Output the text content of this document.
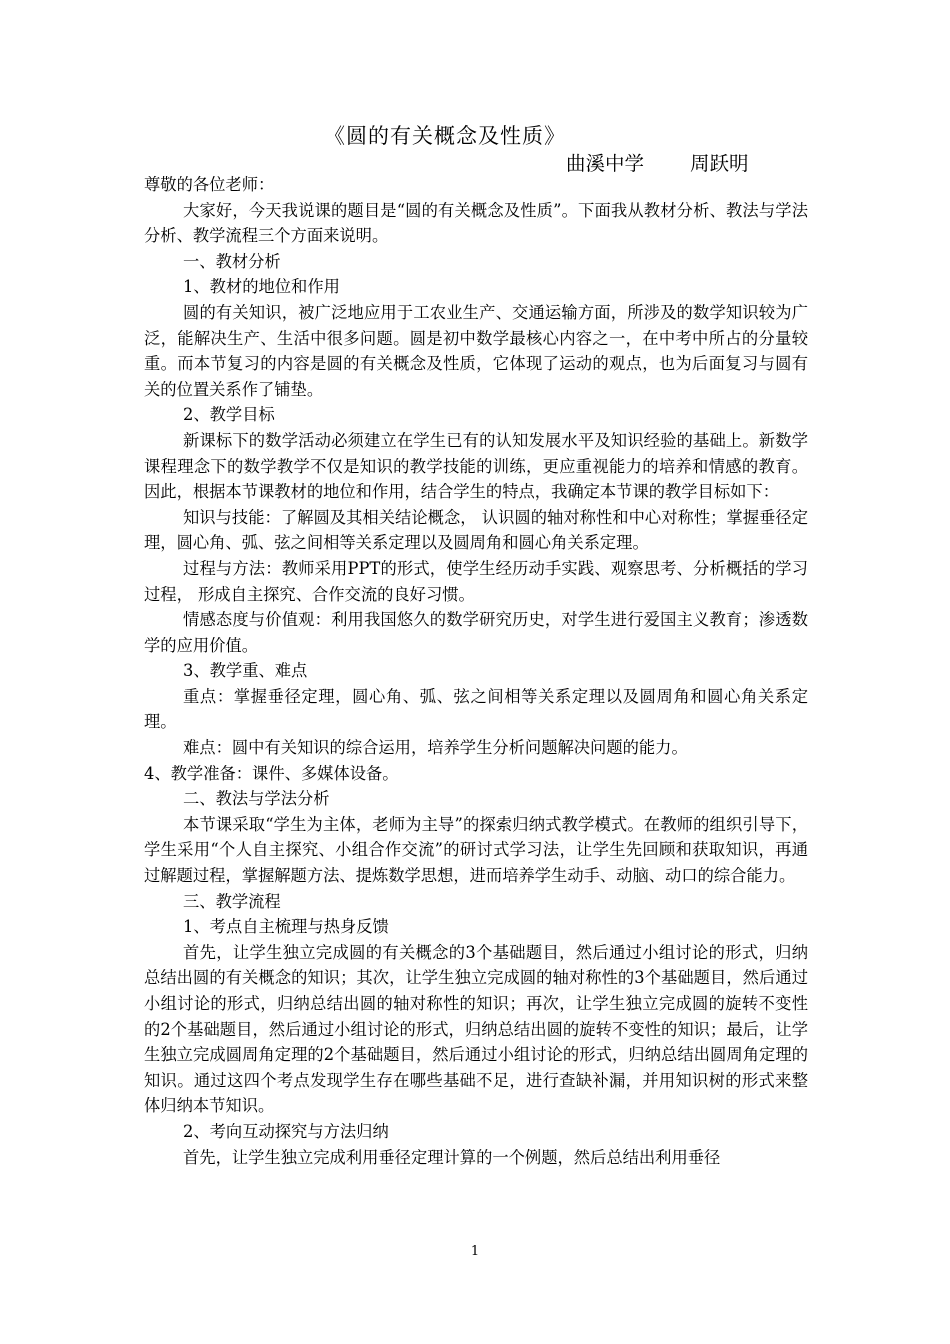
《圆的有关概念及性质》
曲溪中学 周跃明

尊敬的各位老师：

大家好，今天我说课的题目是“圆的有关概念及性质”。下面我从教材分析、教法与学法分析、教学流程三个方面来说明。

一、教材分析

1、教材的地位和作用

圆的有关知识，被广泛地应用于工农业生产、交通运输方面，所涉及的数学知识较为广泛，能解决生产、生活中很多问题。圆是初中数学最核心内容之一，在中考中所占的分量较重。而本节复习的内容是圆的有关概念及性质，它体现了运动的观点，也为后面复习与圆有关的位置关系作了铺垫。

2、教学目标

新课标下的数学活动必须建立在学生已有的认知发展水平及知识经验的基础上。新数学课程理念下的数学教学不仅是知识的教学技能的训练，更应重视能力的培养和情感的教育。因此，根据本节课教材的地位和作用，结合学生的特点，我确定本节课的教学目标如下：

知识与技能：了解圆及其相关结论概念， 认识圆的轴对称性和中心对称性；掌握垂径定理，圆心角、弧、弦之间相等关系定理以及圆周角和圆心角关系定理。

过程与方法：教师采用PPT的形式，使学生经历动手实践、观察思考、分析概括的学习过程， 形成自主探究、合作交流的良好习惯。

情感态度与价值观：利用我国悠久的数学研究历史，对学生进行爱国主义教育；渗透数学的应用价值。

3、教学重、难点

重点：掌握垂径定理，圆心角、弧、弦之间相等关系定理以及圆周角和圆心角关系定理。

难点：圆中有关知识的综合运用，培养学生分析问题解决问题的能力。

4、教学准备：课件、多媒体设备。

二、教法与学法分析

本节课采取“学生为主体，老师为主导”的探索归纳式教学模式。在教师的组织引导下，学生采用“个人自主探究、小组合作交流”的研讨式学习法，让学生先回顾和获取知识，再通过解题过程，掌握解题方法、提炼数学思想，进而培养学生动手、动脑、动口的综合能力。

三、教学流程

1、考点自主梳理与热身反馈

首先，让学生独立完成圆的有关概念的3个基础题目，然后通过小组讨论的形式，归纳总结出圆的有关概念的知识；其次，让学生独立完成圆的轴对称性的3个基础题目，然后通过小组讨论的形式，归纳总结出圆的轴对称性的知识；再次，让学生独立完成圆的旋转不变性的2个基础题目，然后通过小组讨论的形式，归纳总结出圆的旋转不变性的知识；最后，让学生独立完成圆周角定理的2个基础题目，然后通过小组讨论的形式，归纳总结出圆周角定理的知识。通过这四个考点发现学生存在哪些基础不足，进行查缺补漏，并用知识树的形式来整体归纳本节知识。

2、考向互动探究与方法归纳

首先，让学生独立完成利用垂径定理计算的一个例题，然后总结出利用垂径

1
